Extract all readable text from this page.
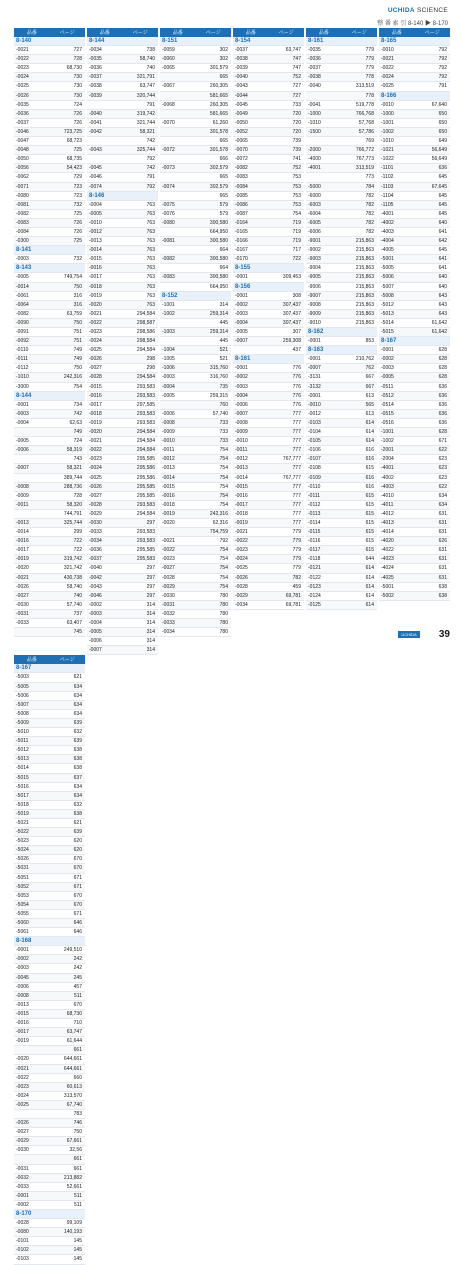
UCHIDA SCIENCE
整 番 索 引 8-140 ▶ 8-170
品番	ページ
8-140
-0021	727
-0022	728
-0023	68,730
-0024	730
-0025	730
-0026	730
-0035	724
-0036	726
-0037	726
-0046	723,725
-0047	68,723
-0048	725
-0050	68,735
-0056	54,423
-0062	729
-0071	723
-0080	723
-0081	732
-0082	725
-0083	726
-0084	726
-0300	725
8-141
-0003	732
8-143
-0005	749,754
-0014	750
-0061	316
-0064	316
-0082	63,759
-0090	750
-0091	751
-0092	751
-0110	749
-0111	749
-0112	750
-1010	242,316
-3000	754
8-144
-0001	734
-0003	742
-0004	62,63
749
-0005	724
-0006	58,319
743
-0007	58,321
389,744
-0008	288,736
-0009	728
-0011	58,320
744,791
-0013	325,744
-0014	299
-0016	722
-0017	722
-0019	319,742
-0020	321,742
-0021	430,738
-0026	58,740
-0027	740
-0030	57,740
-0031	737
-0033	63,407
745
品番	ページ
8-144
-0034	738
-0035	58,740
-0036	740
-0037	321,791
-0038	63,747
-0039	320,744
791
-0040	319,742
-0041	321,744
-0042	58,321
742
-0043	325,744
792
-0045	742
-0046	791
-0074	792
8-146
-0004	763
-0005	763
-0010	763
-0012	763
-0013	763
-0014	763
-0015	763
-0016	763
-0017	763
-0018	763
-0019	763
-0020	763
-0021	294,584
-0022	298,587
-0023	298,586
-0024	298,584
-0025	294,584
-0026	298
-0027	298
-0028	294,584
-0015	293,583
-0016	293,583
-0017	297,585
-0018	293,583
-0019	293,583
-0020	294,584
-0021	294,584
-0022	294,584
-0023	295,585
-0024	295,586
-0025	295,586
-0026	295,585
-0027	295,585
-0028	293,583
-0029	294,584
-0030	297
-0033	293,583
-0034	293,583
-0036	295,585
-0037	295,583
-0040	297
-0042	297
-0043	297
-0046	297
-0002	314
-0003	314
-0004	314
-0005	314
-0006	314
-0007	314
品番	ページ
8-151
-0059	302
-0060	302
-0065	301,579
665
-0067	260,305
581,665
-0068	260,305
581,665
-0070	61,260
301,578
665
-0072	301,578
666
-0073	302,579
665
-0074	302,579
665
-0075	579
-0076	579
-0080	300,580
664,950
-0081	300,580
664
-0082	300,580
664
-0083	300,580
664,950
8-152
-1001	314
-1002	259,314
445
-1003	259,314
445
-1004	521
-1005	521
-1006	315,760
-0003	316,760
-0004	735
-0005	259,315
760
-0006	57,740
-0008	733
-0009	733
-0010	733
-0011	754
-0012	754
-0013	754
-0014	754
-0015	754
-0016	754
-0018	754
-0019	242,316
-0020	62,316
754,759
-0021	792
-0022	754
-0023	754
-0027	754
-0028	754
-0029	754
-0030	780
-0031	780
-0032	780
-0033	780
-0034	780
品番	ページ
8-154
-0037	63,747
-0038	747
-0039	747
-0040	752
-0043	727
-0044	727
-0045	733
-0049	720
-0050	720
-0052	720
-0065	739
-0070	739
-0072	741
-0082	752
-0083	753
-0084	753
-0085	753
-0086	753
-0087	754
-0164	719
-0165	719
-0166	719
-0167	717
-0170	722
8-155
-0001	309,453
8-156
-0001	308
-0002	307,437
-0003	307,437
-0004	307,437
-0005	307
-0007	259,308
437
8-161
-0001	776
-0002	776
-0003	776
-0004	776
-0006	776
-0007	777
-0008	777
-0009	777
-0010	777
-0011	777
-0012	767,777
-0013	777
-0014	767,777
-0015	777
-0016	777
-0017	777
-0018	777
-0019	777
-0021	779
-0022	779
-0023	779
-0024	779
-0025	779
-0026	782
-0028	459
-0029	69,781
-0034	69,781
品番	ページ
8-161
-0035	779
-0036	779
-0037	779
-0038	778
-0040	313,519
778
-0041	519,778
-1000	766,768
-1010	57,768
-1500	57,786
769
-2000	766,772
-4000	767,773
-4001	313,519
773
-5000	784
-6000	782
-6003	782
-6004	782
-6005	782
-6006	782
-9001	215,863
-9002	215,863
-9003	215,863
-9004	215,863
-9005	215,863
-9006	215,863
-9007	215,863
-9008	215,863
-9009	215,863
-9010	215,863
8-162
-0001	853
8-163
-0001	210,762
-0007	762
-3131	667
-3132	667
-0001	613
-0010	565
-0012	613
-0103	614
-0104	614
-0105	614
-0106	616
-0107	616
-0108	615
-0109	616
-0110	616
-0111	615
-0112	615
-0113	615
-0114	615
-0115	615
-0116	615
-0117	615
-0118	644
-0121	614
-0122	614
-0123	614
-0124	614
-0125	614
品番	ページ
8-165
-0010	792
-0021	792
-0022	792
-0024	792
-0025	791
8-166
-0010	67,640
-1000	650
-1001	650
-1002	650
-1010	649
-1021	56,649
-1022	56,649
-1101	636
-1102	645
-1103	67,645
-1104	645
-1105	645
-4001	645
-4002	640
-4003	641
-4004	642
-4005	645
-5001	641
-5005	641
-5006	640
-5007	640
-5008	643
-5012	643
-5013	643
-5014	61,642
-5015	61,642
8-167
-0001	628
-0002	628
-0003	628
-0005	628
-0511	636
-0512	636
-0514	636
-0515	636
-0516	636
-1001	628
-1002	671
-2001	622
-2004	623
-4001	623
-4002	623
-4003	622
-4010	634
-4011	634
-4012	631
-4013	631
-4014	631
-4020	626
-4022	631
-4023	631
-4024	631
-4025	631
-5001	638
-5002	638
品番	ページ
8-167
-5003	621
-5005	634
-5006	634
-5007	634
-5008	634
-5009	639
-5010	632
-5011	639
-5012	638
-5013	638
-5014	638
-5015	637
-5016	634
-5017	634
-5018	632
-5019	638
-5021	621
-5022	639
-5023	620
-5024	620
-5026	670
-5031	670
-5051	671
-5052	671
-5053	670
-5054	670
-5055	671
-5060	646
-5061	646
8-168
-0001	249,510
-0002	242
-0003	242
-0045	245
-0006	457
-0008	511
-0013	670
-0015	68,730
-0016	710
-0017	63,747
-0019	61,644
661
-0020	644,661
-0021	644,661
-0022	660
-0023	60,613
-0024	313,570
-0025	67,740
783
-0026	746
-0027	750
-0029	67,661
-0030	32,56
661
-0031	661
-0032	213,882
-0033	52,661
-0001	511
-0002	511
8-170
-0028	99,109
-0080	140,193
-0101	145
-0102	145
-0103	145
UCHIDA	39
